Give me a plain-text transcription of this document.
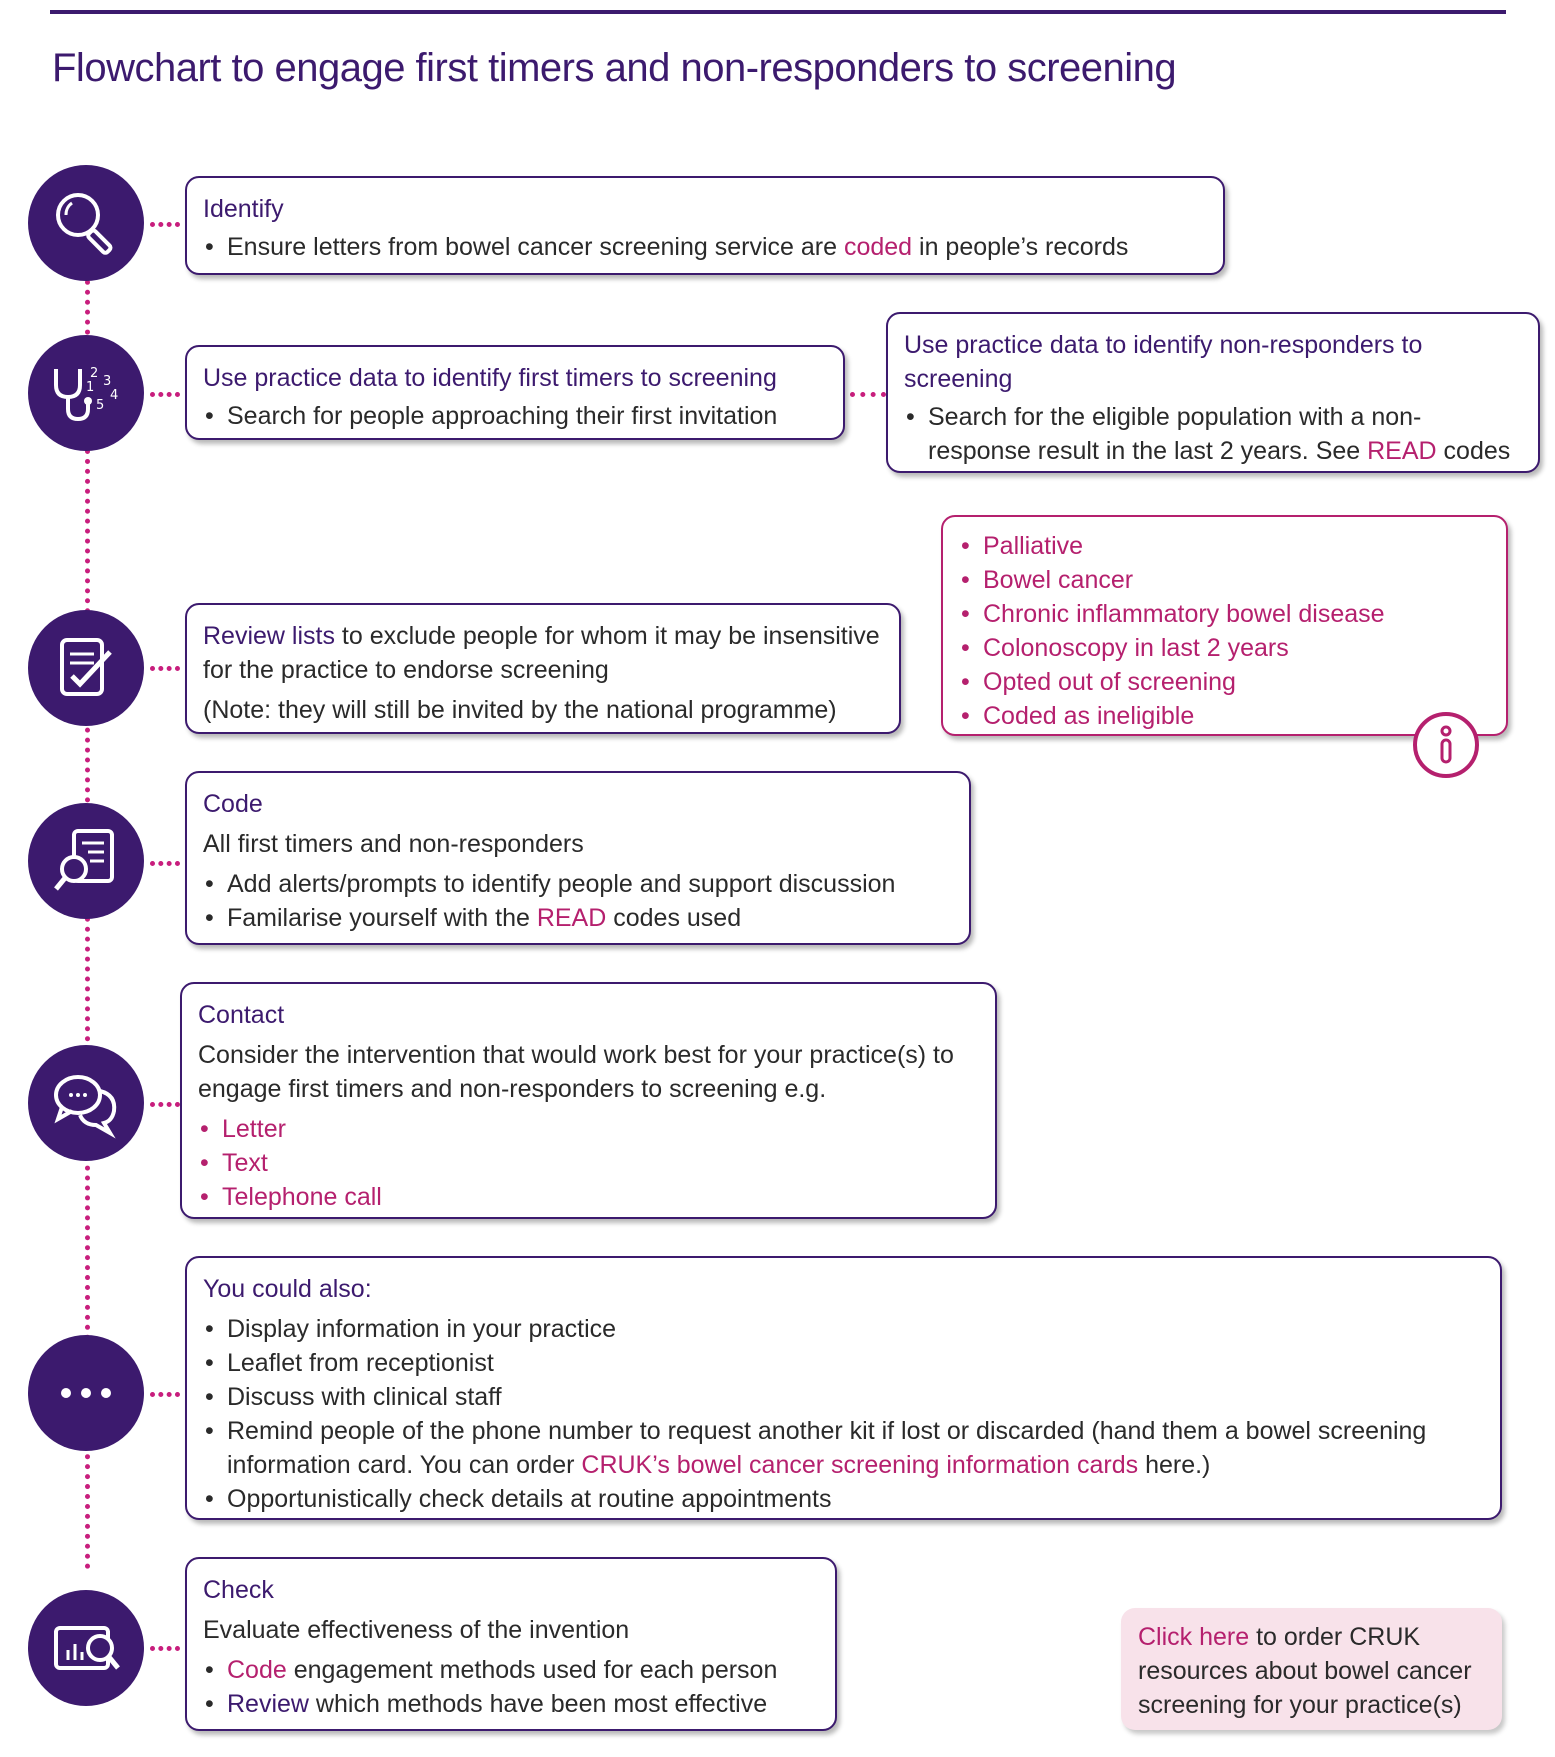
Flowchart to engage first timers and non-responders to screening
2
3
1
4
5
Identify
• Ensure letters from bowel cancer screening service are coded in people’s records
Use practice data to identify first timers to screening
• Search for people approaching their first invitation
Use practice data to identify non-responders to screening
• Search for the eligible population with a non-response result in the last 2 years. See READ codes

Review lists to exclude people for whom it may be insensitive for the practice to endorse screening

(Note: they will still be invited by the national programme)

• Palliative
• Bowel cancer
• Chronic inflammatory bowel disease
• Colonoscopy in last 2 years
• Opted out of screening
• Coded as ineligible
Code

All first timers and non-responders

• Add alerts/prompts to identify people and support discussion
• Familarise yourself with the READ codes used
Contact

Consider the intervention that would work best for your practice(s) to engage first timers and non-responders to screening e.g.

• Letter
• Text
• Telephone call
You could also:
• Display information in your practice
• Leaflet from receptionist
• Discuss with clinical staff
• Remind people of the phone number to request another kit if lost or discarded (hand them a bowel screening information card. You can order CRUK’s bowel cancer screening information cards here.)
• Opportunistically check details at routine appointments
Check

Evaluate effectiveness of the invention

• Code engagement methods used for each person
• Review which methods have been most effective

Click here to order CRUK resources about bowel cancer screening for your practice(s)
